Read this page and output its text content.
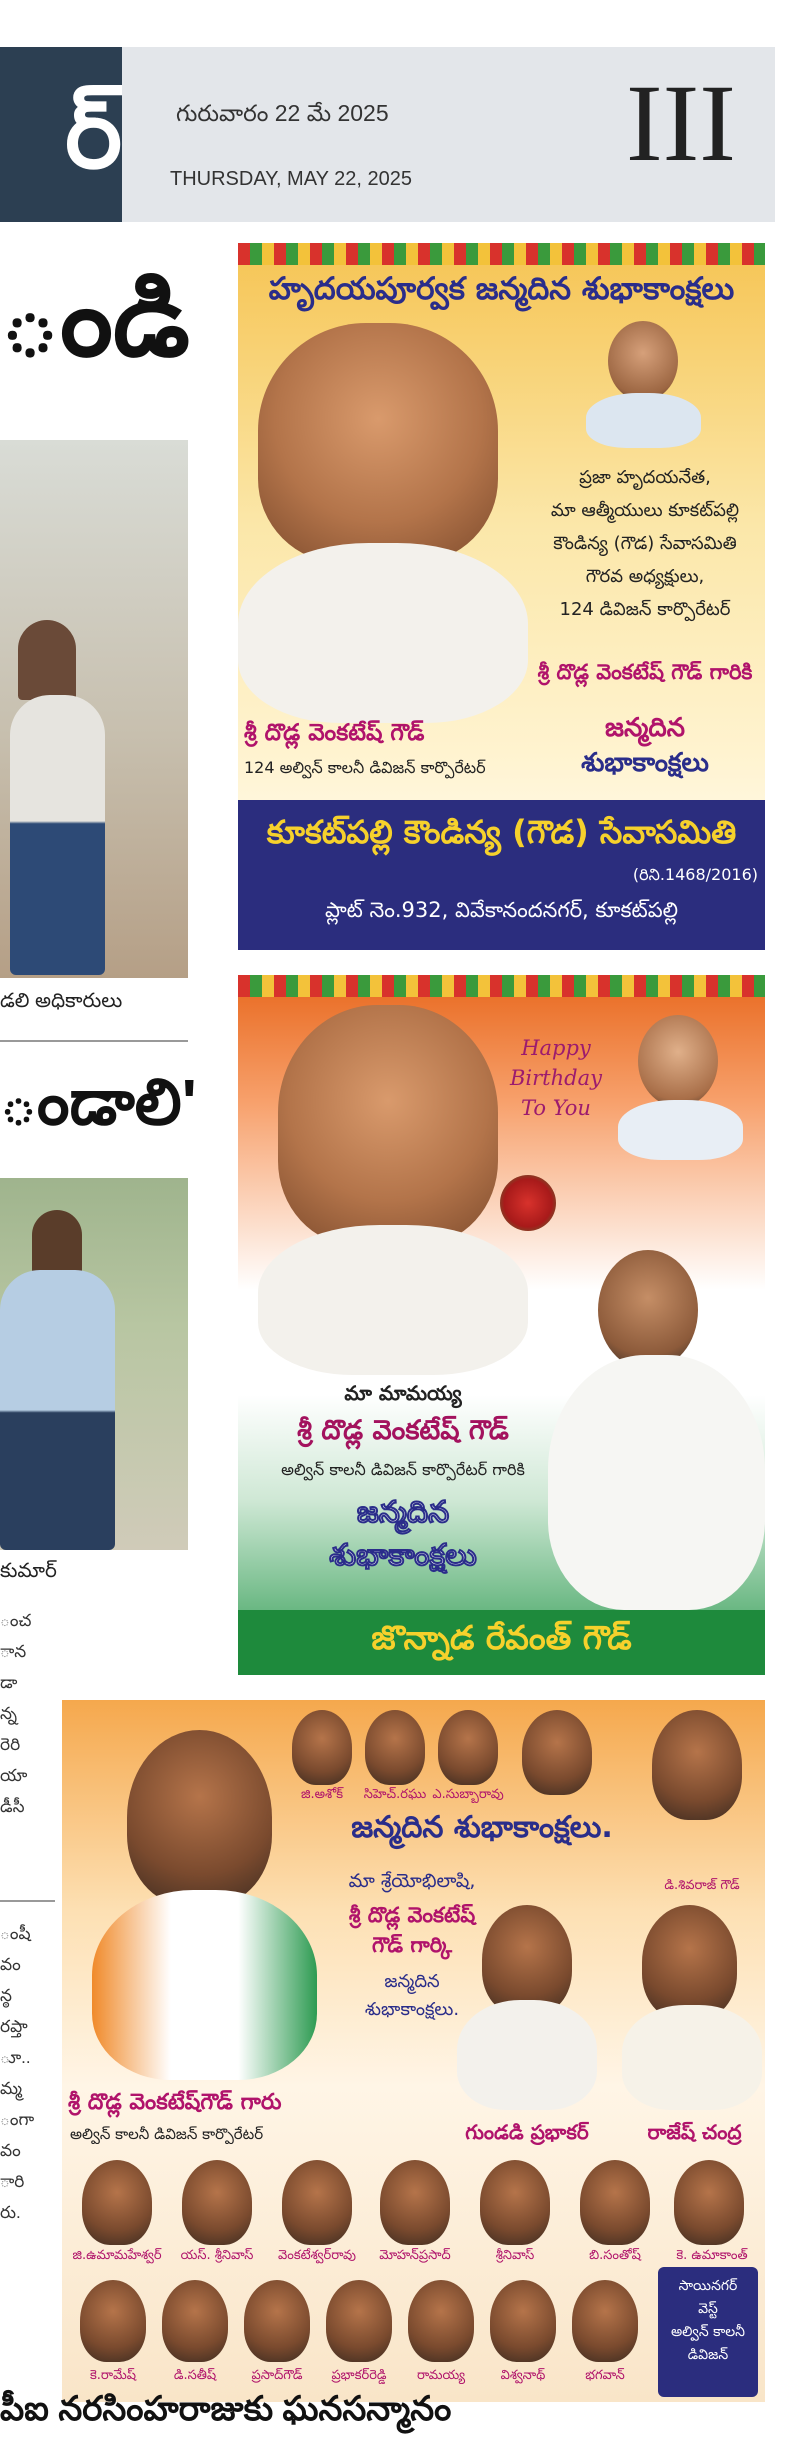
ర్ గురువారం 22 మే 2025
THURSDAY, MAY 22, 2025 III
ండి
డలి అధికారులు
ండాలి'
కుమార్
ంచ
ాన
డా
న్న
రెరి
యా
డీసీ
ంషీ
వం
న్ఠ
రప్తా
ూ..
మ్మ
ంగా
వం
ారి
రు.
హృదయపూర్వక జన్మదిన శుభాకాంక్షలు
ప్రజా హృదయనేత,
మా ఆత్మీయులు కూకట్‌పల్లి
కౌండిన్య (గౌడ) సేవాసమితి
గౌరవ అధ్యక్షులు,
124 డివిజన్ కార్పొరేటర్
శ్రీ దొడ్ల వెంకటేష్ గౌడ్ గారికి
జన్మదిన
శుభాకాంక్షలు
శ్రీ దొడ్ల వెంకటేష్ గౌడ్
124 అల్విన్ కాలనీ డివిజన్ కార్పొరేటర్
కూకట్‌పల్లి కౌండిన్య (గౌడ) సేవాసమితి
(రిని.1468/2016)
ప్లాట్ నెం.932, వివేకానందనగర్, కూకట్‌పల్లి
Happy
Birthday
To You
మా మామయ్య
శ్రీ దొడ్ల వెంకటేష్ గౌడ్
అల్విన్ కాలనీ డివిజన్ కార్పొరేటర్ గారికి
జన్మదిన
శుభాకాంక్షలు
జొన్నాడ రేవంత్ గౌడ్
జి.అశోక్	సిహెచ్.రఘు ఎ.సుబ్బారావు
డి.శివరాజ్ గౌడ్
జన్మదిన శుభాకాంక్షలు.
మా శ్రేయోభిలాషి,
శ్రీ దొడ్ల వెంకటేష్
గౌడ్ గార్కి
జన్మదిన
శుభాకాంక్షలు.
శ్రీ దొడ్ల వెంకటేష్‌గౌడ్ గారు
అల్విన్ కాలనీ డివిజన్ కార్పొరేటర్	గుండడి ప్రభాకర్	రాజేష్ చంద్ర
జి.ఉమామహేశ్వర్	యస్. శ్రీనివాస్	వెంకటేశ్వర్‌రావు	మోహన్‌ప్రసాద్	శ్రీనివాస్	బి.సంతోష్	కె. ఉమాకాంత్
కె.రామేష్	డి.సతీష్	ప్రసాద్‌గౌడ్	ప్రభాకర్‌రెడ్డి	రామయ్య	విశ్వనాథ్	భగవాన్
సాయినగర్
వెస్ట్
అల్విన్ కాలనీ
డివిజన్
పీఐ నరసింహరాజుకు ఘనసన్మానం
